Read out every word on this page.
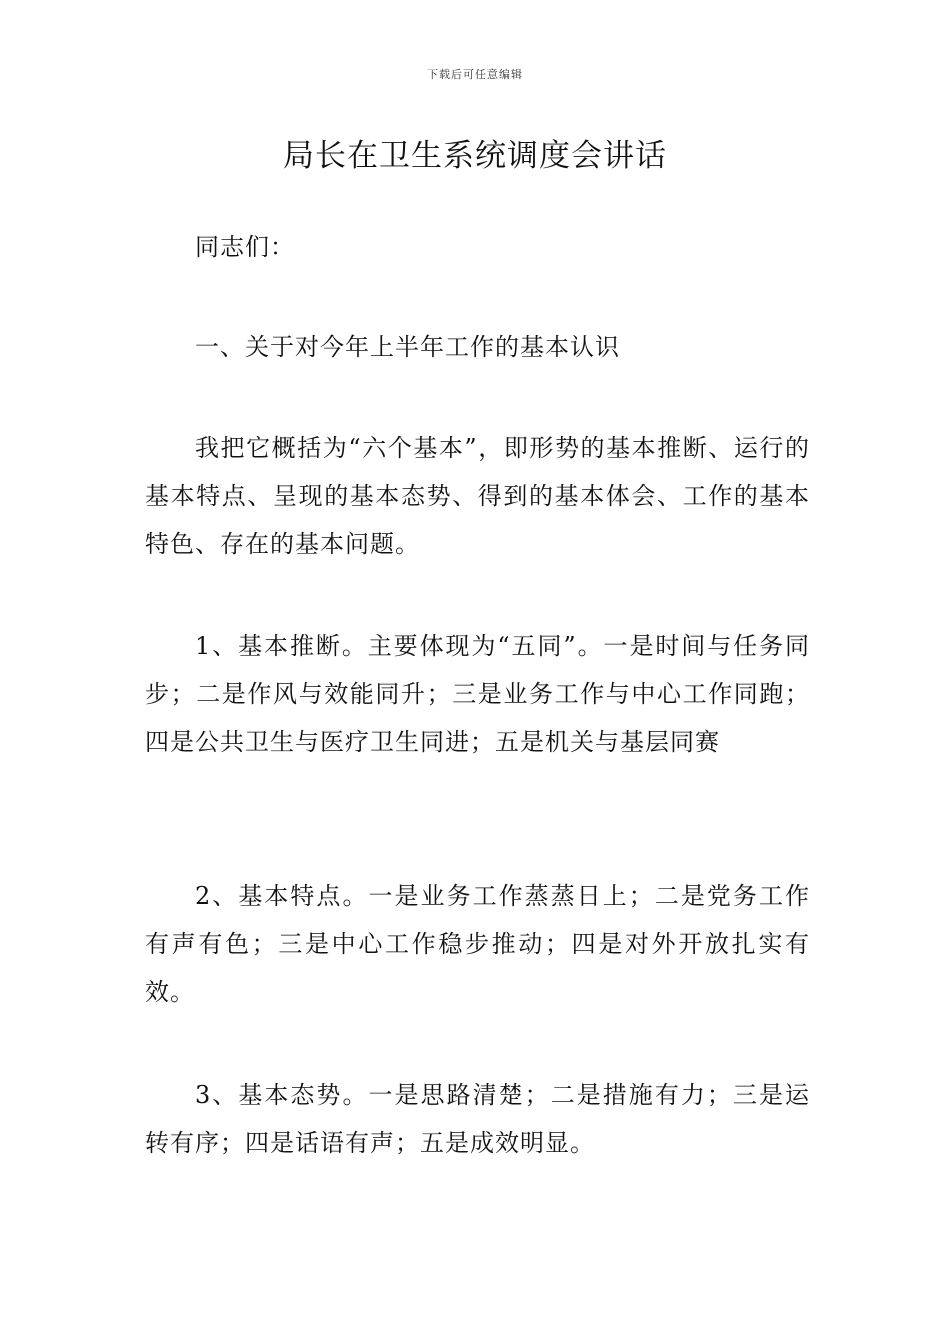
下载后可任意编辑
局长在卫生系统调度会讲话

同志们：

一、关于对今年上半年工作的基本认识

我把它概括为“六个基本”，即形势的基本推断、运行的基本特点、呈现的基本态势、得到的基本体会、工作的基本特色、存在的基本问题。

1、基本推断。主要体现为“五同”。一是时间与任务同步；二是作风与效能同升；三是业务工作与中心工作同跑；四是公共卫生与医疗卫生同进；五是机关与基层同赛

2、基本特点。一是业务工作蒸蒸日上；二是党务工作有声有色；三是中心工作稳步推动；四是对外开放扎实有效。

3、基本态势。一是思路清楚；二是措施有力；三是运转有序；四是话语有声；五是成效明显。
